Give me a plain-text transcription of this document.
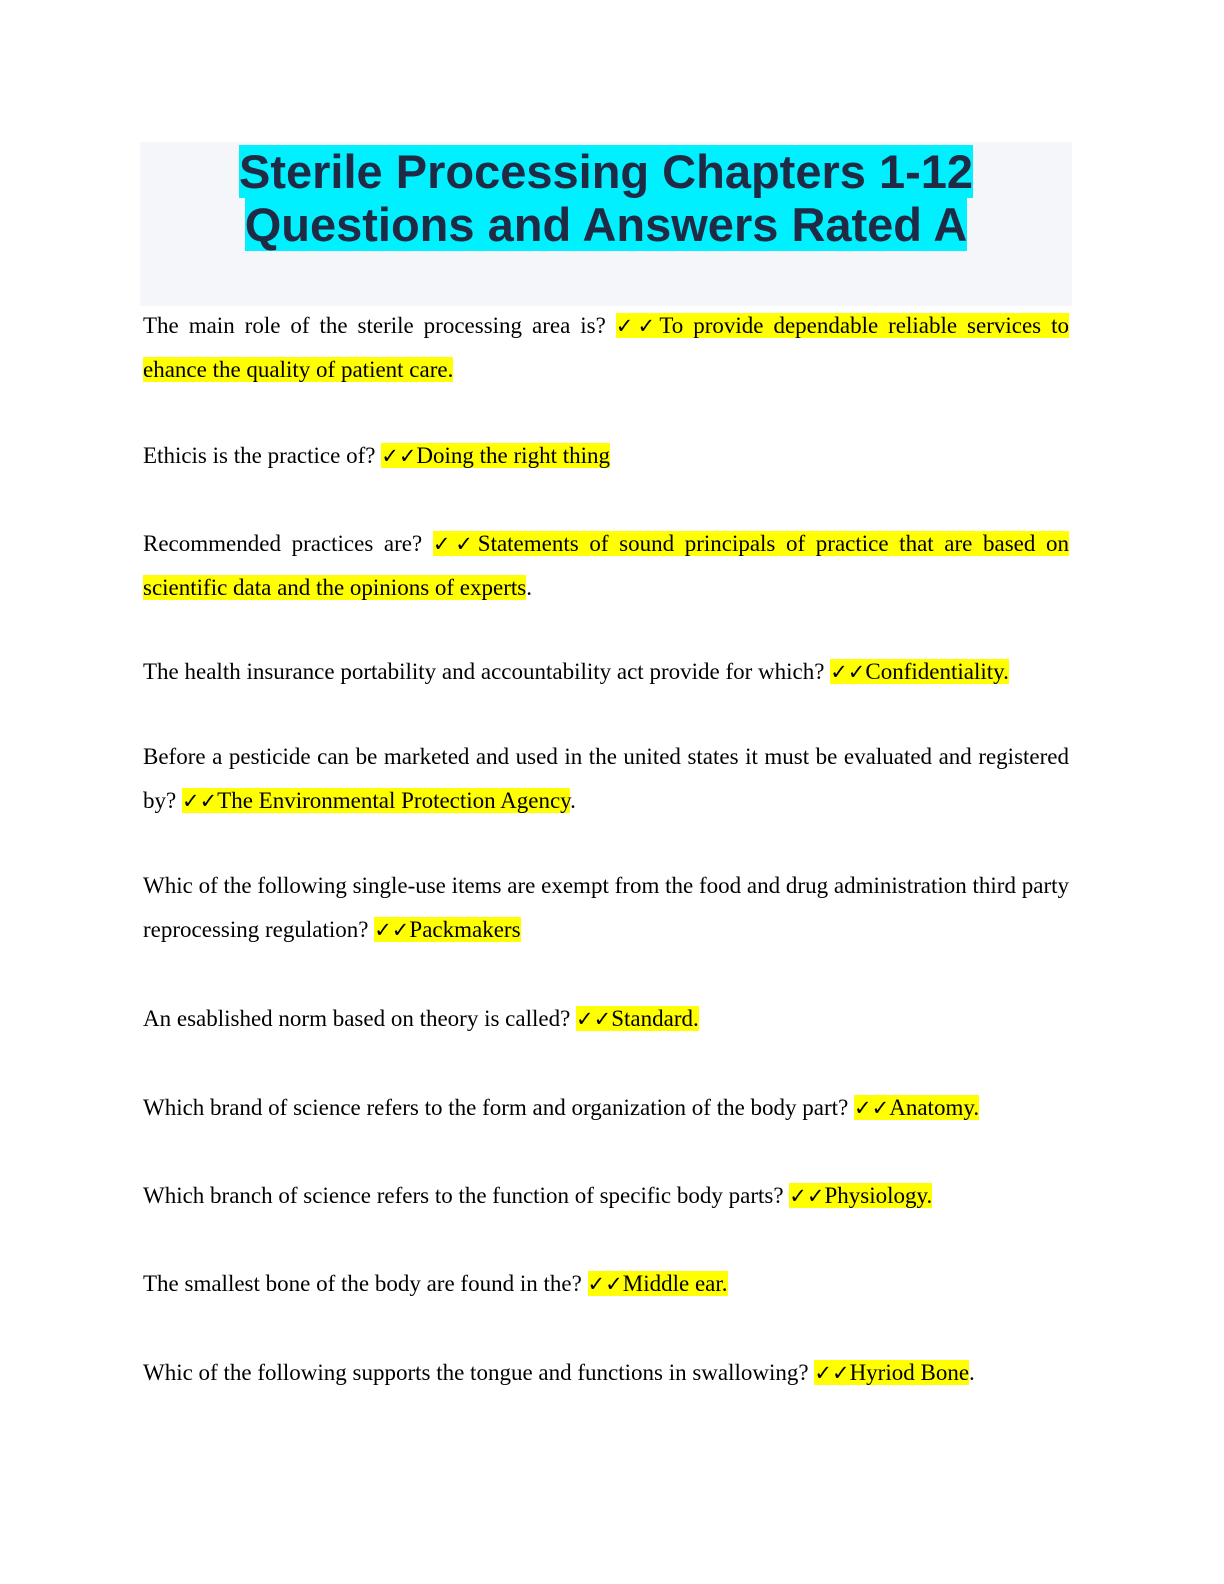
Sterile Processing Chapters 1-12
Questions and Answers Rated A

The main role of the sterile processing area is? ✓✓To provide dependable reliable services to ehance the quality of patient care.

Ethicis is the practice of? ✓✓Doing the right thing

Recommended practices are? ✓✓Statements of sound principals of practice that are based on scientific data and the opinions of experts.

The health insurance portability and accountability act provide for which? ✓✓Confidentiality.

Before a pesticide can be marketed and used in the united states it must be evaluated and registered by? ✓✓The Environmental Protection Agency.

Whic of the following single-use items are exempt from the food and drug administration third party reprocessing regulation? ✓✓Packmakers

An esablished norm based on theory is called? ✓✓Standard.

Which brand of science refers to the form and organization of the body part? ✓✓Anatomy.

Which branch of science refers to the function of specific body parts? ✓✓Physiology.

The smallest bone of the body are found in the? ✓✓Middle ear.

Whic of the following supports the tongue and functions in swallowing? ✓✓Hyriod Bone.
